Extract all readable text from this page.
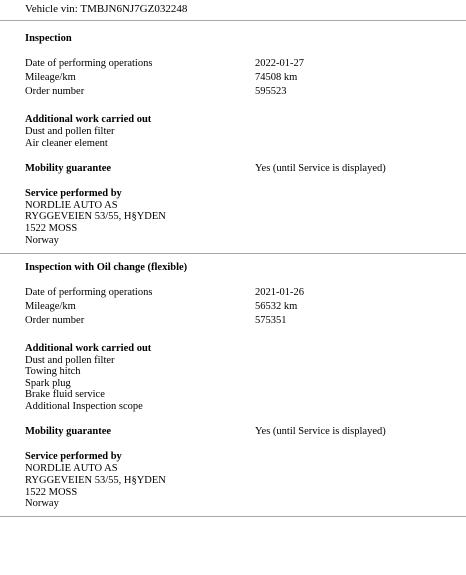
Vehicle vin: TMBJN6NJ7GZ032248
Inspection
Date of performing operations	2022-01-27
Mileage/km	74508 km
Order number	595523
Additional work carried out
Dust and pollen filter
Air cleaner element
Mobility guarantee	Yes (until Service is displayed)
Service performed by
NORDLIE AUTO AS
RYGGEVEIEN 53/55, H§YDEN
1522 MOSS
Norway
Inspection with Oil change (flexible)
Date of performing operations	2021-01-26
Mileage/km	56532 km
Order number	575351
Additional work carried out
Dust and pollen filter
Towing hitch
Spark plug
Brake fluid service
Additional Inspection scope
Mobility guarantee	Yes (until Service is displayed)
Service performed by
NORDLIE AUTO AS
RYGGEVEIEN 53/55, H§YDEN
1522 MOSS
Norway
